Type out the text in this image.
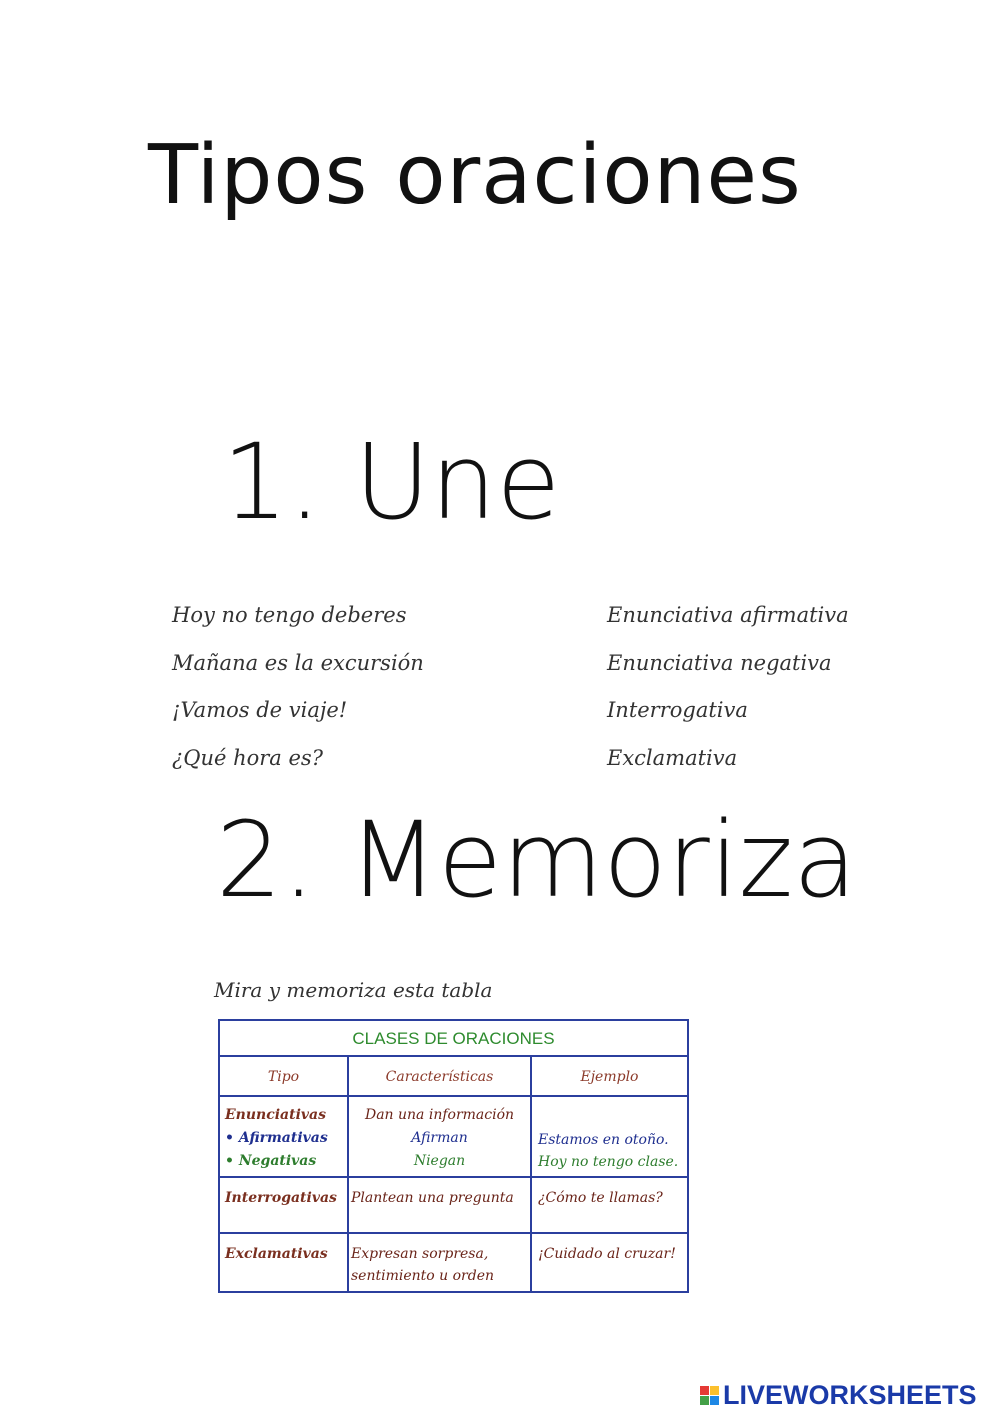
Tipos oraciones
1. Une
Hoy no tengo deberes
Mañana es la excursión
¡Vamos de viaje!
¿Qué hora es?
Enunciativa afirmativa
Enunciativa negativa
Interrogativa
Exclamativa
2. Memoriza
Mira y memoriza esta tabla
CLASES DE ORACIONES
Tipo	Características	Ejemplo
Enunciativas
• Afirmativas
• Negativas
Dan una información
Afirman
Niegan
Estamos en otoño.
Hoy no tengo clase.
Interrogativas Plantean una pregunta ¿Cómo te llamas?
Exclamativas Expresan sorpresa,
sentimiento u orden
¡Cuidado al cruzar!
LIVEWORKSHEETS
